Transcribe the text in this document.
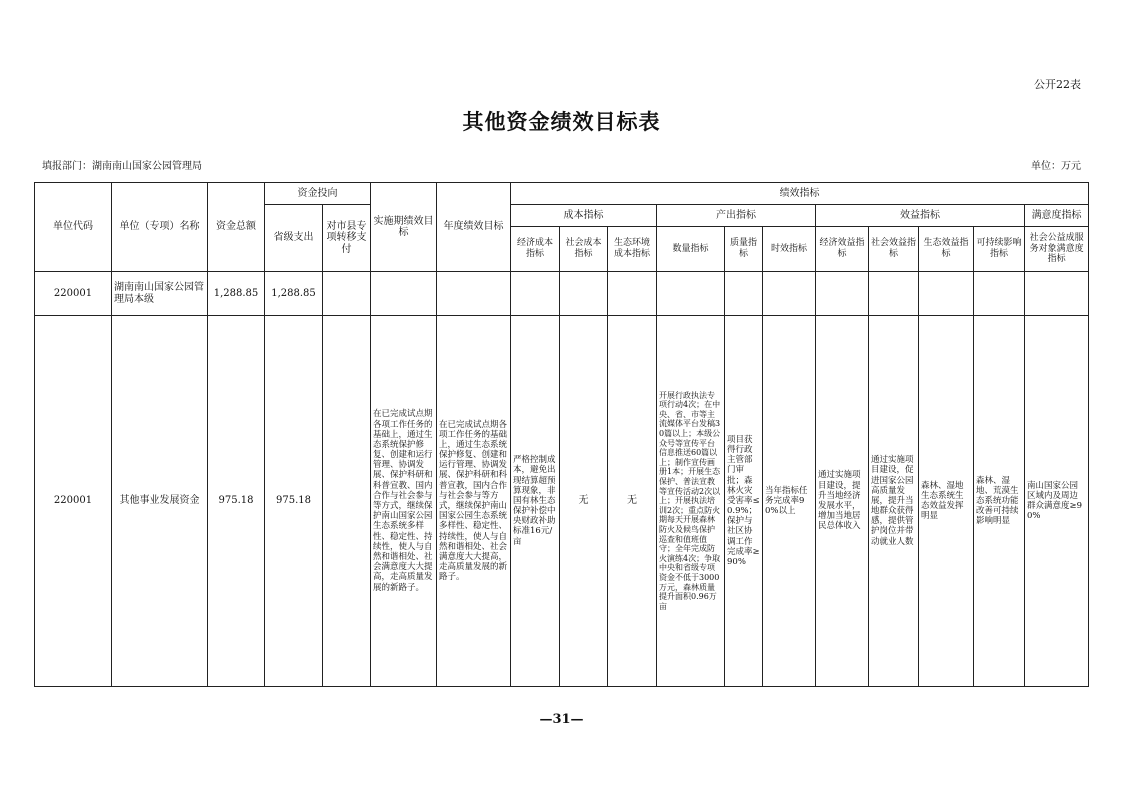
公开22表
其他资金绩效目标表
填报部门：湖南南山国家公园管理局	单位：万元
单位代码	单位（专项）名称	资金总额	资金投向		实施期绩效目标	年度绩效目标	绩效指标										
			省级支出	对市县专项转移支付			成本指标			产出指标			效益指标				满意度指标
							经济成本指标	社会成本指标	生态环境成本指标	数量指标	质量指标	时效指标	经济效益指标	社会效益指标	生态效益指标	可持续影响指标	社会公益成服务对象满意度指标
220001	湖南南山国家公园管理局本级	1,288.85	1,288.85														
220001	其他事业发展资金	975.18	975.18		在已完成试点期各项工作任务的基础上，通过生态系统保护修复、创建和运行管理、协调发展、保护科研和科普宣教、国内合作与社会参与等方式，继续保护南山国家公园生态系统多样性、稳定性、持续性，使人与自然和谐相处、社会满意度大大提高，走高质量发展的新路子。	在已完成试点期各项工作任务的基础上，通过生态系统保护修复、创建和运行管理、协调发展、保护科研和科普宣教，国内合作与社会参与等方式，继续保护南山国家公园生态系统多样性、稳定性、持续性，使人与自然和谐相处、社会满意度大大提高，走高质量发展的新路子。	严格控制成本，避免出现结算超预算现象，非国有林生态保护补偿中央财政补助标准16元/亩	无	无	开展行政执法专项行动4次；在中央、省、市等主流媒体平台发稿30篇以上；本级公众号等宣传平台信息推送60篇以上；制作宣传画册1本；开展生态保护、普法宣教等宣传活动2次以上；开展执法培训2次；重点防火期每天开展森林防火及候鸟保护巡查和值班值守；全年完成防火演练4次；争取中央和省级专项资金不低于3000万元，森林质量提升面积0.96万亩	项目获得行政主管部门审批；森林火灾受害率≤0.9%；保护与社区协调工作完成率≥90%	当年指标任务完成率90%以上	通过实施项目建设，提升当地经济发展水平，增加当地居民总体收入	通过实施项目建设，促进国家公园高质量发展，提升当地群众获得感，提供管护岗位并带动就业人数	森林、湿地生态系统生态效益发挥明显	森林、湿地、荒漠生态系统功能改善可持续影响明显	南山国家公园区域内及周边群众满意度≥90%
—31—
